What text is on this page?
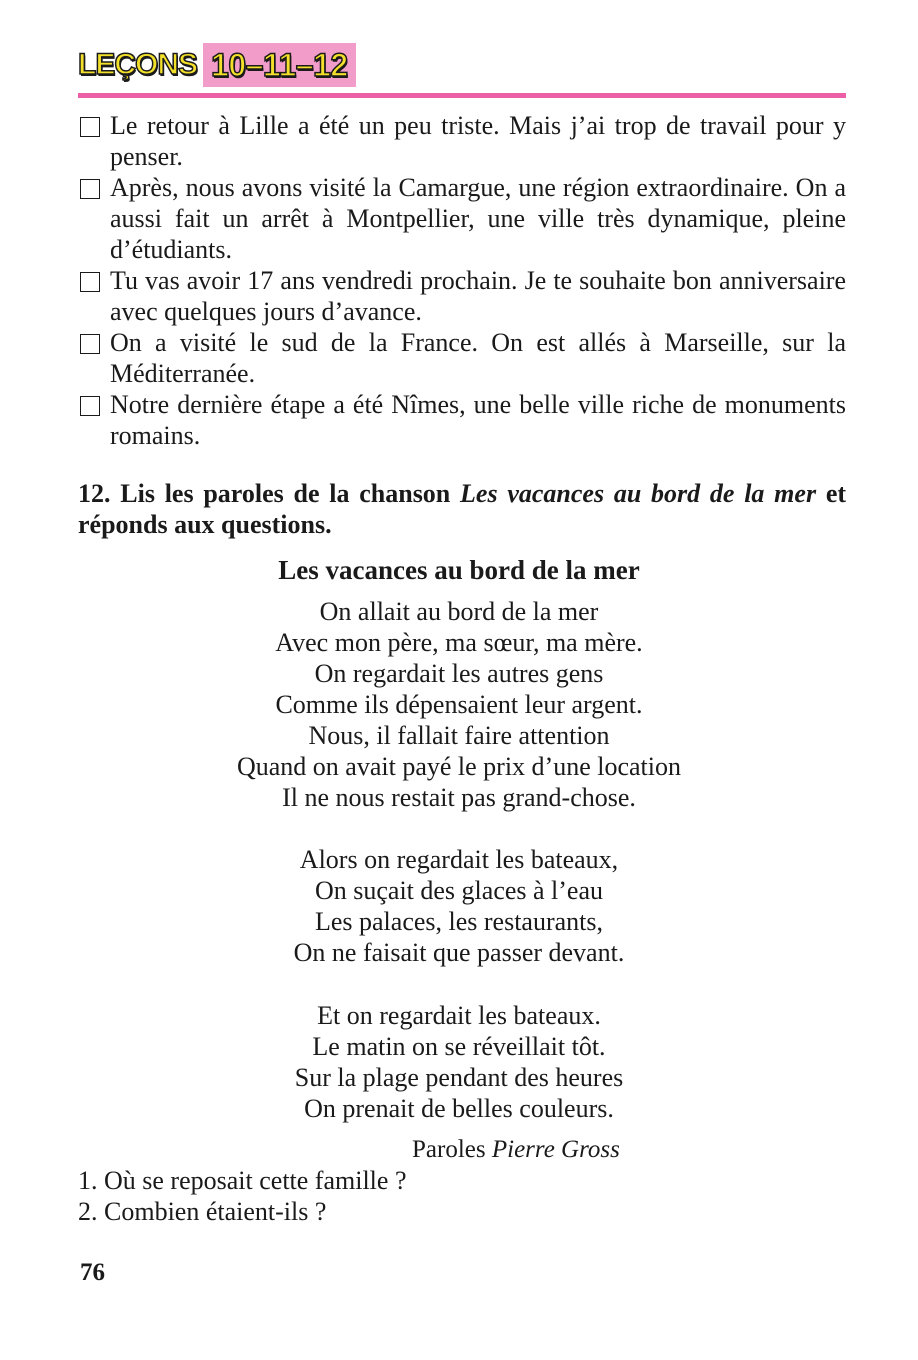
LEÇONS 10–11–12
Le retour à Lille a été un peu triste. Mais j’ai trop de travail pour y penser.
Après, nous avons visité la Camargue, une région extraordinaire. On a aussi fait un arrêt à Montpellier, une ville très dynamique, pleine d’étudiants.
Tu vas avoir 17 ans vendredi prochain. Je te souhaite bon anniversaire avec quelques jours d’avance.
On a visité le sud de la France. On est allés à Marseille, sur la Méditerranée.
Notre dernière étape a été Nîmes, une belle ville riche de monuments romains.
12. Lis les paroles de la chanson Les vacances au bord de la mer et réponds aux questions.
Les vacances au bord de la mer
On allait au bord de la mer
Avec mon père, ma sœur, ma mère.
On regardait les autres gens
Comme ils dépensaient leur argent.
Nous, il fallait faire attention
Quand on avait payé le prix d’une location
Il ne nous restait pas grand-chose.
Alors on regardait les bateaux,
On suçait des glaces à l’eau
Les palaces, les restaurants,
On ne faisait que passer devant.
Et on regardait les bateaux.
Le matin on se réveillait tôt.
Sur la plage pendant des heures
On prenait de belles couleurs.
Paroles Pierre Gross
1. Où se reposait cette famille ?
2. Combien étaient-ils ?
76
